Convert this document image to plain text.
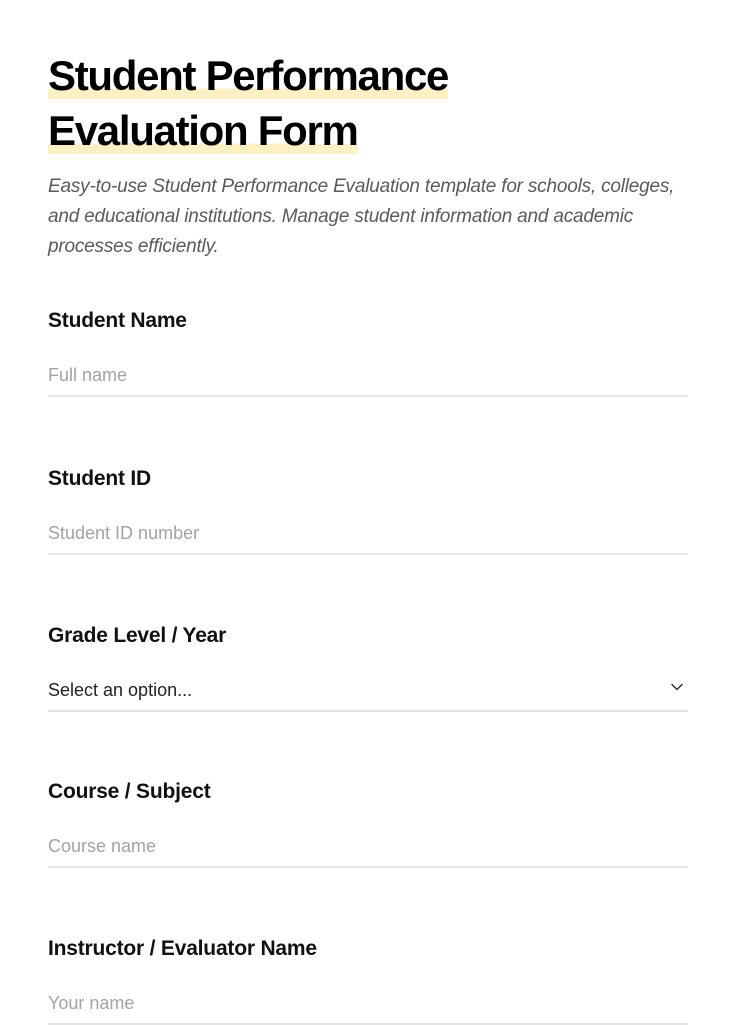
Student Performance
Evaluation Form

Easy-to-use Student Performance Evaluation template for schools, colleges, and educational institutions. Manage student information and academic processes efficiently.

Student Name
Full name
Student ID
Student ID number
Grade Level / Year
Select an option...
Course / Subject
Course name
Instructor / Evaluator Name
Your name
